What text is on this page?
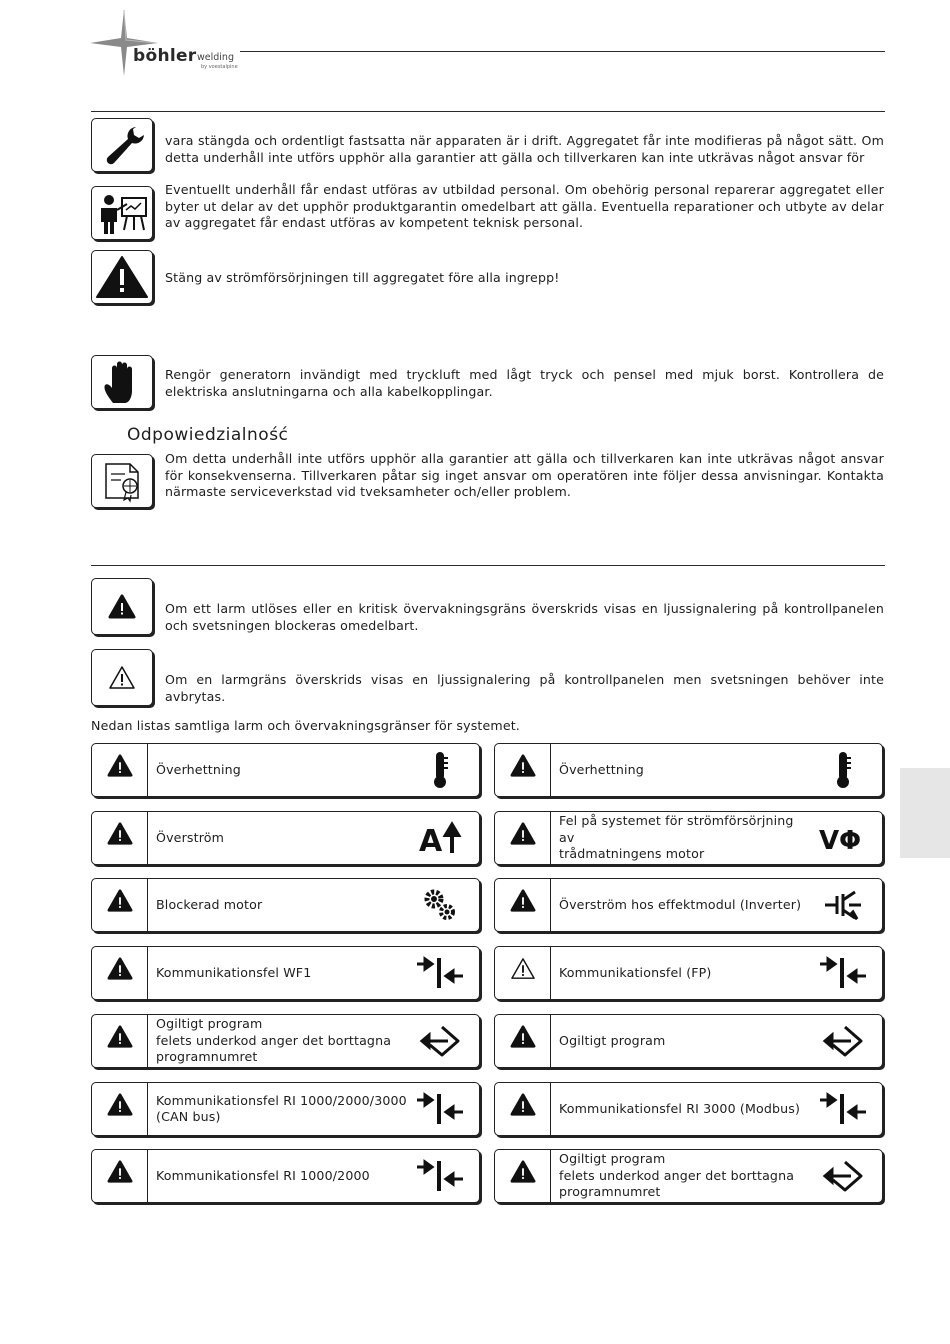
böhler welding
by voestalpine
vara stängda och ordentligt fastsatta när apparaten är i drift. Aggregatet får inte modifieras på något sätt. Om detta underhåll inte utförs upphör alla garantier att gälla och tillverkaren kan inte utkrävas något ansvar för
Eventuellt underhåll får endast utföras av utbildad personal. Om obehörig personal reparerar aggregatet eller byter ut delar av det upphör produktgarantin omedelbart att gälla. Eventuella reparationer och utbyte av delar av aggregatet får endast utföras av kompetent teknisk personal.
Stäng av strömförsörjningen till aggregatet före alla ingrepp!
Rengör generatorn invändigt med tryckluft med lågt tryck och pensel med mjuk borst. Kontrollera de elektriska anslutningarna och alla kabelkopplingar.
Odpowiedzialność
Om detta underhåll inte utförs upphör alla garantier att gälla och tillverkaren kan inte utkrävas något ansvar för konsekvenserna. Tillverkaren påtar sig inget ansvar om operatören inte följer dessa anvisningar. Kontakta närmaste serviceverkstad vid tveksamheter och/eller problem.
Om ett larm utlöses eller en kritisk övervakningsgräns överskrids visas en ljussignalering på kontrollpanelen och svetsningen blockeras omedelbart.
Om en larmgräns överskrids visas en ljussignalering på kontrollpanelen men svetsningen behöver inte avbrytas.
Nedan listas samtliga larm och övervakningsgränser för systemet.
Överhettning
Överström	A
Blockerad motor
Kommunikationsfel WF1
Ogiltigt program
felets underkod anger det borttagna
programnumret
Kommunikationsfel RI 1000/2000/3000
(CAN bus)
Kommunikationsfel RI 1000/2000
Överhettning
Fel på systemet för strömförsörjning av
trådmatningens motor	V Φ
Överström hos effektmodul (Inverter)
Kommunikationsfel (FP)
Ogiltigt program
Kommunikationsfel RI 3000 (Modbus)
Ogiltigt program
felets underkod anger det borttagna
programnumret
